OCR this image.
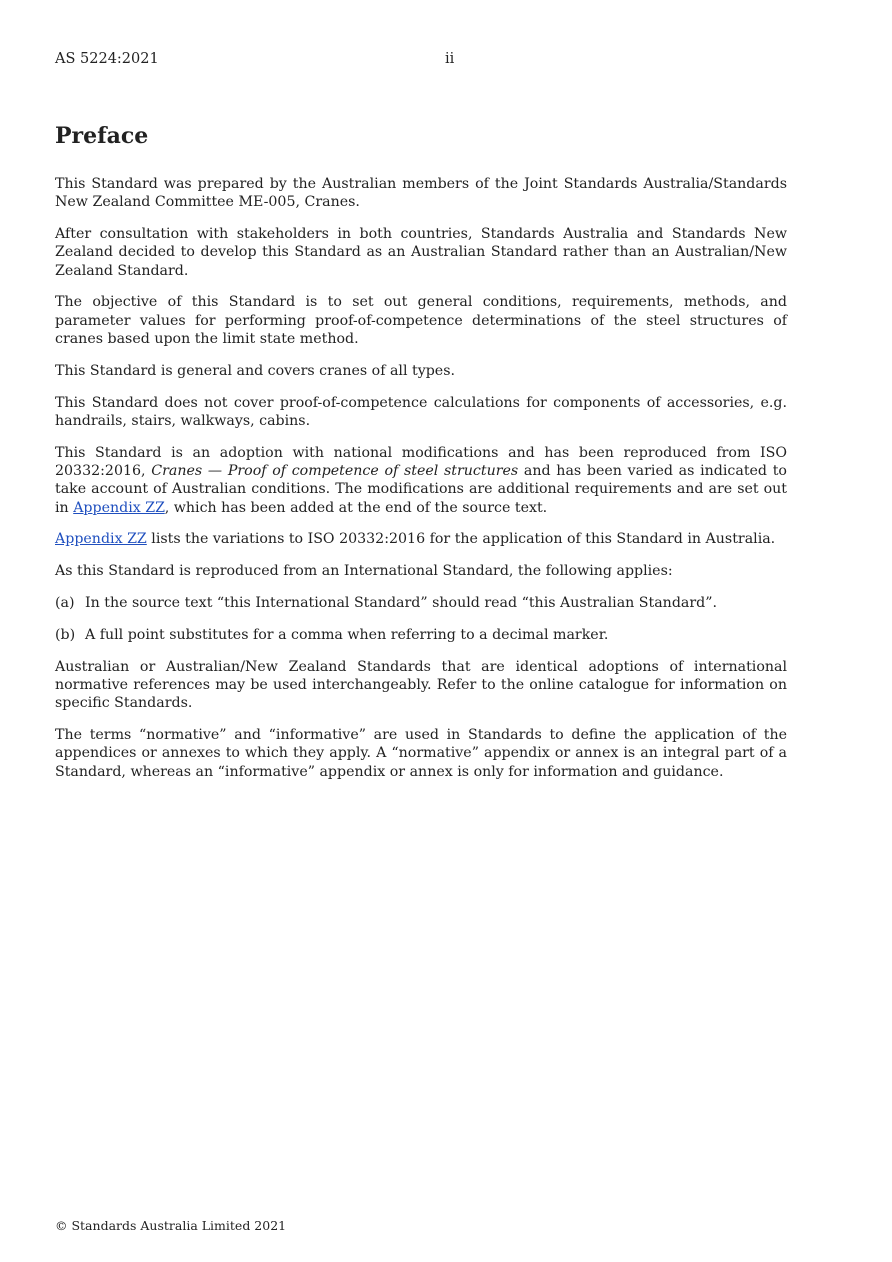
AS 5224:2021	ii
Preface

This Standard was prepared by the Australian members of the Joint Standards Australia/Standards New Zealand Committee ME-005, Cranes.

After consultation with stakeholders in both countries, Standards Australia and Standards New Zealand decided to develop this Standard as an Australian Standard rather than an Australian/New Zealand Standard.

The objective of this Standard is to set out general conditions, requirements, methods, and parameter values for performing proof-of-competence determinations of the steel structures of cranes based upon the limit state method.

This Standard is general and covers cranes of all types.

This Standard does not cover proof-of-competence calculations for components of accessories, e.g. handrails, stairs, walkways, cabins.

This Standard is an adoption with national modifications and has been reproduced from ISO 20332:2016, Cranes — Proof of competence of steel structures and has been varied as indicated to take account of Australian conditions. The modifications are additional requirements and are set out in Appendix ZZ, which has been added at the end of the source text.

Appendix ZZ lists the variations to ISO 20332:2016 for the application of this Standard in Australia.

As this Standard is reproduced from an International Standard, the following applies:

(a) In the source text “this International Standard” should read “this Australian Standard”.
(b) A full point substitutes for a comma when referring to a decimal marker.

Australian or Australian/New Zealand Standards that are identical adoptions of international normative references may be used interchangeably. Refer to the online catalogue for information on specific Standards.

The terms “normative” and “informative” are used in Standards to define the application of the appendices or annexes to which they apply. A “normative” appendix or annex is an integral part of a Standard, whereas an “informative” appendix or annex is only for information and guidance.

© Standards Australia Limited 2021
